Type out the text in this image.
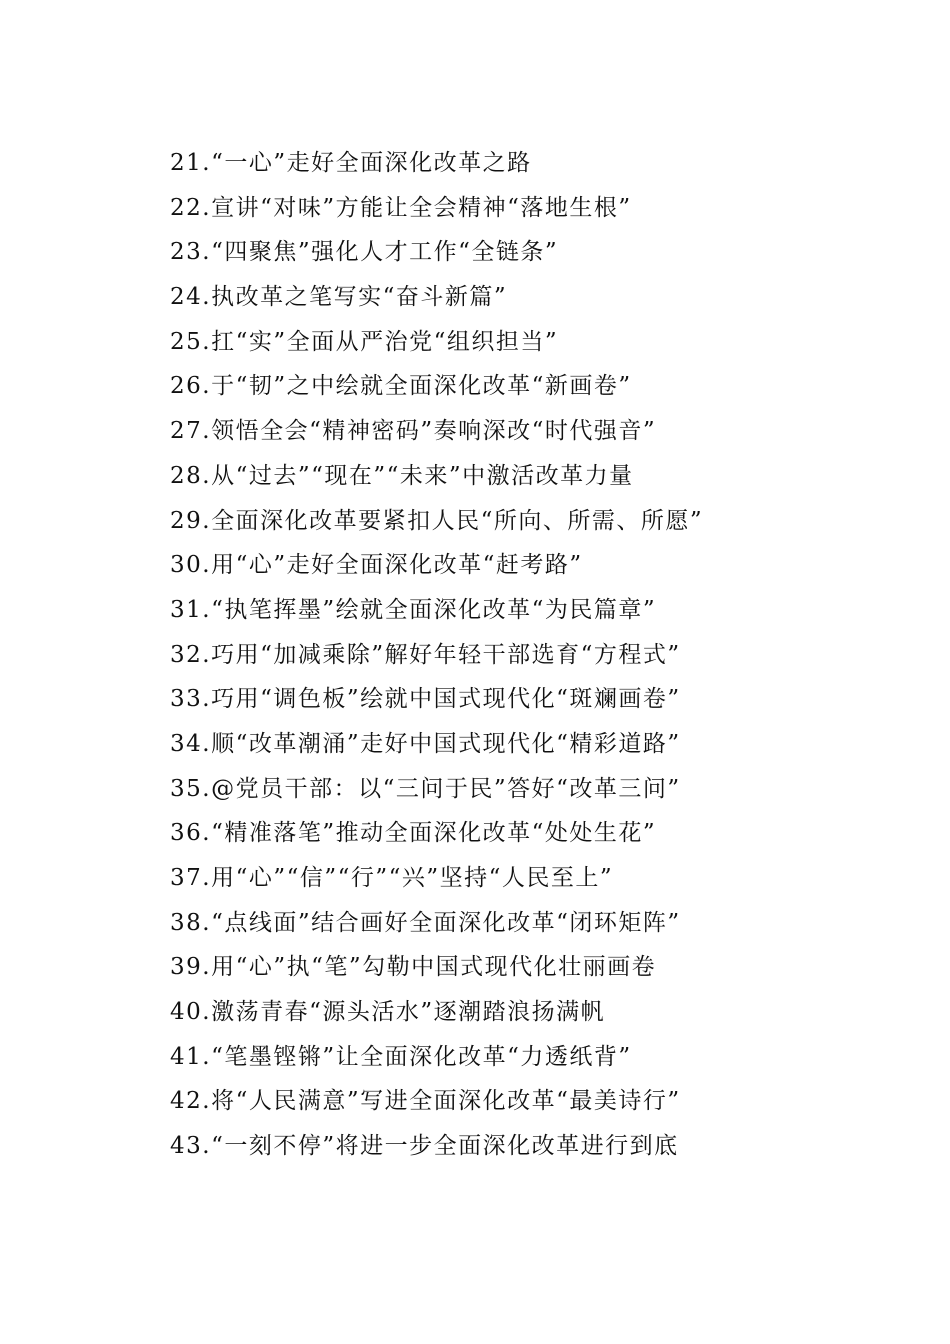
21.“一心”走好全面深化改革之路
22.宣讲“对味”方能让全会精神“落地生根”
23.“四聚焦”强化人才工作“全链条”
24.执改革之笔写实“奋斗新篇”
25.扛“实”全面从严治党“组织担当”
26.于“韧”之中绘就全面深化改革“新画卷”
27.领悟全会“精神密码”奏响深改“时代强音”
28.从“过去”“现在”“未来”中激活改革力量
29.全面深化改革要紧扣人民“所向、所需、所愿”
30.用“心”走好全面深化改革“赶考路”
31.“执笔挥墨”绘就全面深化改革“为民篇章”
32.巧用“加减乘除”解好年轻干部选育“方程式”
33.巧用“调色板”绘就中国式现代化“斑斓画卷”
34.顺“改革潮涌”走好中国式现代化“精彩道路”
35.@党员干部：以“三问于民”答好“改革三问”
36.“精准落笔”推动全面深化改革“处处生花”
37.用“心”“信”“行”“兴”坚持“人民至上”
38.“点线面”结合画好全面深化改革“闭环矩阵”
39.用“心”执“笔”勾勒中国式现代化壮丽画卷
40.激荡青春“源头活水”逐潮踏浪扬满帆
41.“笔墨铿锵”让全面深化改革“力透纸背”
42.将“人民满意”写进全面深化改革“最美诗行”
43.“一刻不停”将进一步全面深化改革进行到底
